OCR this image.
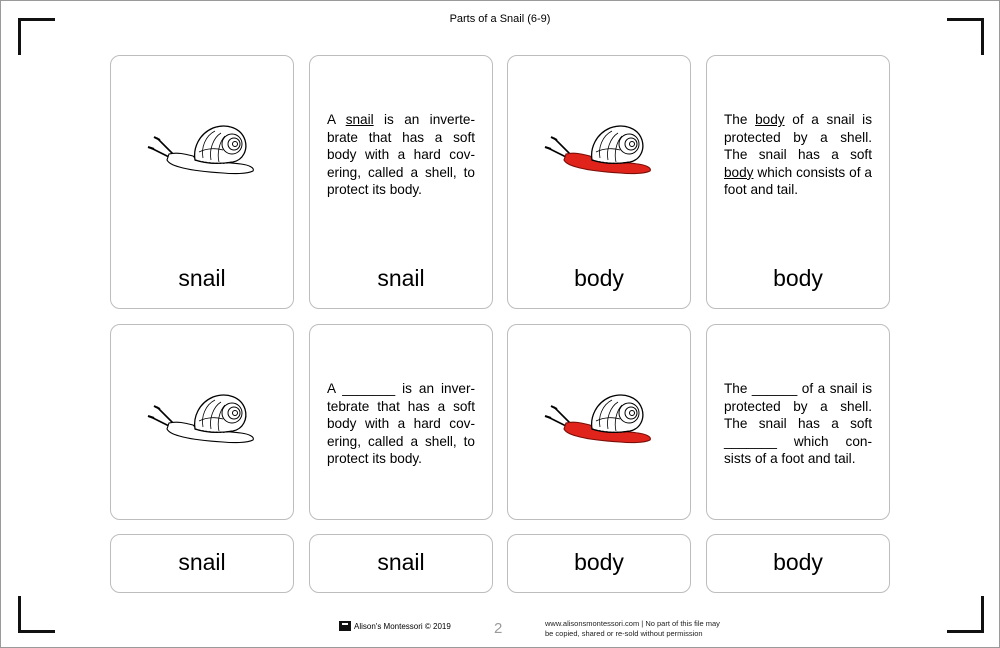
Parts of a Snail (6-9)
snail
A snail is an inverte-brate that has a soft body with a hard cov-ering, called a shell, to protect its body.
snail	body
The body of a snail is protected by a shell. The snail has a soft body which consists of a foot and tail.
body
A _______ is an inver-tebrate that has a soft body with a hard cov-ering, called a shell, to protect its body.
The ______ of a snail is protected by a shell. The snail has a soft _______ which con-sists of a foot and tail.
snail	snail	body	body
Alison's Montessori © 2019	2	www.alisonsmontessori.com | No part of this file may
be copied, shared or re-sold without permission
